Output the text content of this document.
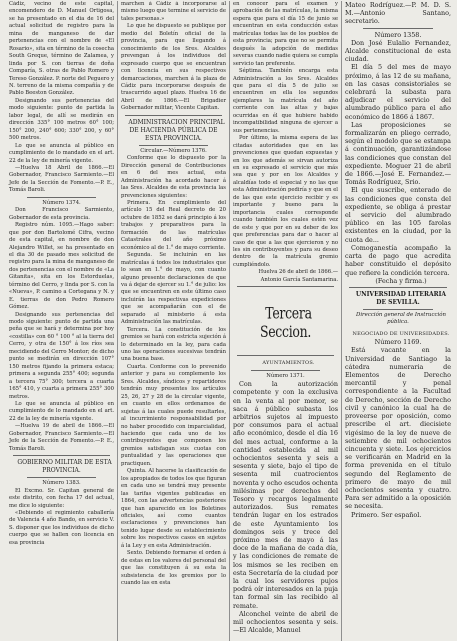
Cádiz, vecino de este capital, encomendero de D. Manuel Ortigosa, se ha presentado en el dia de 16 del actual solicitud de registro para la mina de manganeso de dar pertenencias con el nombre de «El Rosario», sita en término de la cosecha South Greque, término de Zalamea, y linda por S. con tierras de doña Comparía, S. otras de Pablo Romero y Tereso González. P. norte del Peguero y N. terreno de la misma compañía y de Pablo Beeston González.

Designando sus pertenencias del modo siguiente: punto de partida la labor legal, de allí se medirán en dirección 335° 100 metros 60° 100; 150° 200, 240° 600; 330° 200, y 60° 500 metros.

Lo que se anuncia al público en cumplimiento de lo mandado en el art. 22 de la ley de minería vigente.

—Huelva 18 Abril de 1866.—El Gobernador, Francisco Sarmiento.—El Jefe de la Sección de Fomento.—P. E., Tomás Baroli.

Número 1374.

Don Francisco Sarmiento, Gobernador de esta provincia.

Registro núm. 1095.—Hago saber: que por don Bartolomé Cifra, vecino de esta capital, en nombre de don Alejandro Willet, se ha presentado en el dia 30 de pasado mes solicitud de registro para la mina de manganeso de dos pertenencias con el nombre de «La Gitanita», sita en los Estorduelas, término del Cerro, y linda por S. con la «Nueva», P. camino a Cortegana y N. y E. tierras de don Pedro Romero Gómez.

Designando sus pertenencias del modo siguiente: punto de partida una peña que se hará y determina por hoy «costilla» con 60 ° 100 ° al la tierra del Cerro, y otra de 150° á los ríos sea mecidiendo del Cerro Montor; de dicho punto se medirán en dirección 107° 150 metros fijando la primera estaca; primera a segunda 255° 400; segunda a tercera 75° 300; tercera a cuarta 165° 410, y cuarta a primera 255° 300 metros.

Lo que se anuncia al público en cumplimiento de lo mandado en el art. 22 de la ley de minería vigente.

—Huelva 19 de abril de 1866.—El Gobernador, Francisco Sarmiento.—El Jefe de la Sección de Fomento.—P. E., Tomás Baroli.

GOBIERNO MILITAR DE ESTA PROVINCIA.

Número 1383.

El Excmo. Sr. Capitan general de este distrito, con fecha 17 del actual, me dice lo siguiente:

«Debiendo el regimiento caballería de Valencia 4 año Bando, en servicio V. S. disponer que los individuos de dicho cuerpo que se hallen con licencia en esa provincia

marchen á Cádiz á incorporarse al mismo luego que termine el servicio de tales personas.»

Lo que he dispuesto se publique por medio del Boletín oficial de la provincia, para que llegando á conocimiento de los Sres. Alcaldes prevengan á los individuos del expresado cuerpo que se encuentran con licencia en sus respectivos demarcaciones, marchen á la plaza de Cádiz para incorporarse después de trascurrido aquel plazo. Huelva 16 de Abril de 1866.—El Brigadier Gobernador militar, Vicente Capitan.

ADMINISTRACION PRINCIPAL DE HACIENDA PÚBLICA DE ESTA PROVINCIA.

Circular.—Número 1376.

Conforme que lo dispuesto por la Dirección general de Contribuciones en 6 del mes actual, esta Administración ha acordado hacer á las Sres. Alcaldes de esta provincia las prevenciones siguientes:

Primera. En cumplimiento del artículo 15 del Real decreto de 20 octubre de 1852 se dará principio á los trabajos y preparativos para la formación de las matrículas Catastrales del año próximo económico al de 1.° de mayo corriente.

Segunda. Se incluirán en las matrículas á todos los industriales que lo sean en 1.° de mayo, con cuanto alguno presente declaraciones de que va á dejar de ejercer su 1.° de julio: los que se encuentren en este último caso incluirán las respectivas expediciones que se acompañarán con el de separado al ministerio á esta Administración las matrículas.

Tercera. La constitución de los gremios se hará con estricta sujeción á lo determinado en la ley, para cada uno las operaciones sucesivas tendrán una buena base.

Cuarta. Conforme con lo prevenido anterior y para su complemento los Sres. Alcaldes, síndicos y repartidores tendrán muy presentes los artículos 25, 26, 27 y 28 de la circular vigente, en cuanto en ellos ordenamos de sujetas á las cuales puede resultarles, al incurrimiento responsabilidad por no haber procedido con imparcialidad, haciendo que cada uno de los contribuyentes que componen los gremios satisfagan sus cuotas con puntualidad y las operaciones que practiquen.

Quinta. Al hacerse la clasificación de los apropiados de todos los que figuran en cada uno se tendrá muy presente las tarifas vigentes publicadas en 1864, con las advertencias posteriores que han aparecido en los Boletines oficiales, así como cuantos esclaraciones y prevenciones han tenido lugar desde su establecimiento sobre los respectivos casos en sujetos á la Ley y en esta Administración.

Sexto. Debiendo formarse el orden á de estas en los valores del personal del que las constituyen á su esta la subsistencia de los gremios por lo cuando las en esta

en conocer para el examen y aprobación de las matrículas, la misma espera que para el día 15 de junio se encuentran en esta conducción estas matrículas todas las de los pueblos de esta provincia; para que no se permita después la adopción de medidas severas cuando nadie quiera se cumpla servicio tan preferente.

Séptima. También encarga esta Administración a los Sres. Alcaldes que para el día 5 de julio se encuentren en ella los segundos ejemplares la matrícula del año corriente con las altas y bajas ocurridas en él que hubiere habido incompatibilidad ninguna de ejercer a sus pertenencias.

Por último, la misma espera de las citadas autoridades que en las prevenciones que quedan expuestas y en los que además se sirvan autoriza en su expresado el servicio que más sea que y por en los Alcaldes y alcaldías todo el especial y no las que esta Administración pediría y que en el de las que este ejercicio recibir y es importante y bueno para la importancia cuales corresponde cuando también los cuales estén vez de este y que por en su deber de los que preferencias para dar o hacer al caso de que a las que ejercieron y no les sin contribuyentes y para su deseo dentro de la matrícula gremio cumpliéndolo.

Huelva 26 de abril de 1866.—Antonio García Santamarina.

Tercera Seccion.

AYUNTAMIENTOS.

Número 1371.

Con la autorización competente y con la exclusiva en la venta al por menor, se saca á público subasta los arbitrios sujetos al impuesto por consumos para el actual año económico, desde el día 16 del mes actual, conforme a la cantidad establecida al mil ochocientos sesenta y seis a sesenta y siete, bajo el tipo de sesenta mil cuatrocientos noventa y ocho escudos ochenta milésimas por derechos del Tesoro y recargos legalmente autorizados. Sus remates tendrán lugar en los estrados de este Ayuntamiento los domingos seis y trece del próximo mes de mayo á las doce de la mañana de cada día, y las condiciones de remate de los mismos se les reciben en esta Secretaría de la ciudad por la cual los servidores pujos podrá oír interesados en la puja tan formal sin las recibido al remate.

Alconchel veinte de abril de mil ochocientos sesenta y seis.—El Alcalde, Manuel

Mateo Rodríguez.—P. M. D. S. M.—Antonio Santano, secretario.

Número 1358.

Don José Eulalio Fernandez, Alcalde constitucional de esta ciudad.

El día 5 del mes de mayo próximo, á las 12 de su mañana, en las casas consistoriales se celebrará la subasta para adjudicar el servicio del alumbrado público para el año económico de 1866 á 1867.

Las proposiciones se formalizarán en pliego cerrado, según el modelo que se estampa á continuación, garantizándose las condiciones que constan del expediente. Moguer 21 de abril de 1866.—José E. Fernandez.—Tomás Rodríguez, Srio.

El que suscribe, enterado de las condiciones que consta del expediente, se obliga á prestar el servicio del alumbrado público en las 105 farolas existentes en la ciudad, por la cuota de...

Comoganestía acompaño la carta de pago que acredita haber constituido el depósito que refiere la condición tercera.

(Fecha y firma.)

UNIVERSIDAD LITERARIA DE SEVILLA.

Dirección general de Instrucción pública.

NEGOCIADO DE UNIVERSIDADES.

Número 1169.

Está vacante en la Universidad de Santiago la cátedra numeraria de Elementos de Derecho mercantil y penal correspondiente a la Facultad de Derecho, sección de Derecho civil y canónico la cual ha de proveerse por oposición, como prescribe el art. diecisiete vigésimo de la ley de nueve de setiembre de mil ochocientos cincuenta y siete. Los ejercicios se verificarán en Madrid en la forma prevenida en el título segundo del Reglamento de primero de mayo de mil ochocientos sesenta y cuatro. Para ser admitido a la oposición se necesita.

Primero. Ser español.
